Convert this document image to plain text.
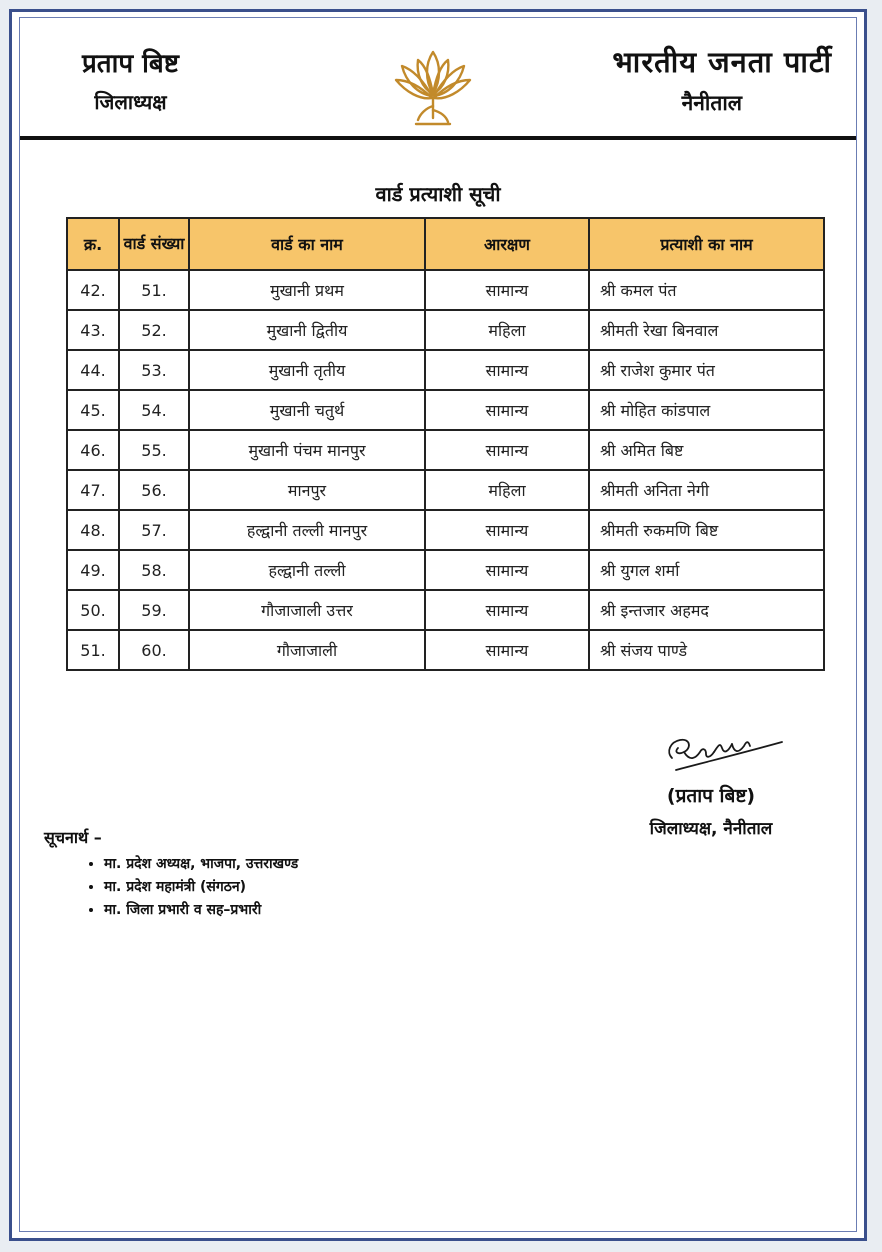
प्रताप बिष्ट
जिलाध्यक्ष
भारतीय जनता पार्टी
नैनीताल
वार्ड प्रत्याशी सूची
क्र.	वार्ड संख्या	वार्ड का नाम	आरक्षण	प्रत्याशी का नाम
42.	51.	मुखानी प्रथम	सामान्य	श्री कमल पंत
43.	52.	मुखानी द्वितीय	महिला	श्रीमती रेखा बिनवाल
44.	53.	मुखानी तृतीय	सामान्य	श्री राजेश कुमार पंत
45.	54.	मुखानी चतुर्थ	सामान्य	श्री मोहित कांडपाल
46.	55.	मुखानी पंचम मानपुर	सामान्य	श्री अमित बिष्ट
47.	56.	मानपुर	महिला	श्रीमती अनिता नेगी
48.	57.	हल्द्वानी तल्ली मानपुर	सामान्य	श्रीमती रुकमणि बिष्ट
49.	58.	हल्द्वानी तल्ली	सामान्य	श्री युगल शर्मा
50.	59.	गौजाजाली उत्तर	सामान्य	श्री इन्तजार अहमद
51.	60.	गौजाजाली	सामान्य	श्री संजय पाण्डे
(प्रताप बिष्ट)
जिलाध्यक्ष, नैनीताल
सूचनार्थ –
• मा. प्रदेश अध्यक्ष, भाजपा, उत्तराखण्ड
• मा. प्रदेश महामंत्री (संगठन)
• मा. जिला प्रभारी व सह–प्रभारी
